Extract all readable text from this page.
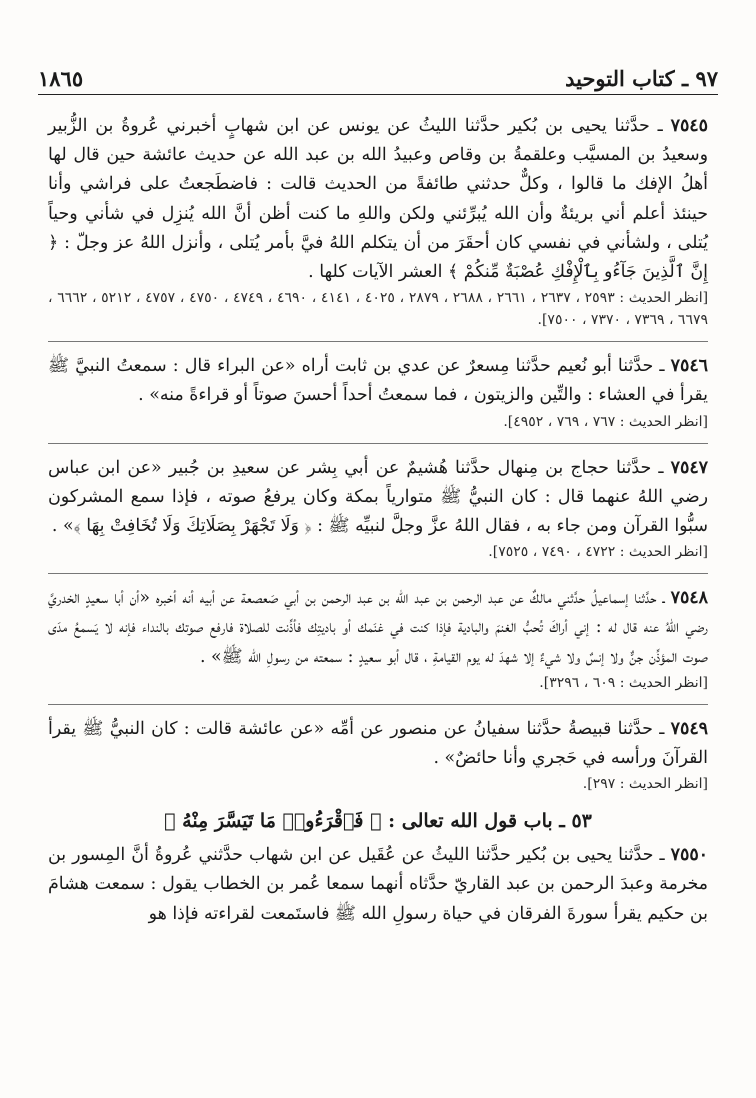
٩٧ ـ كتاب التوحيد
١٨٦٥
٧٥٤٥ ـ حدَّثنا يحيى بن بُكير حدَّثنا الليثُ عن يونس عن ابن شهابٍ أخبرني عُروةُ بن الزُّبير وسعيدُ بن المسيَّب وعلقمةُ بن وقاص وعبيدُ الله بن عبد الله عن حديث عائشة حين قال لها أهلُ الإفك ما قالوا ، وكلٌّ حدثني طائفةً من الحديث قالت : فاضطَجعتُ على فراشي وأنا حينئذ أعلم أني بريئةٌ وأن الله يُبرِّئني ولكن واللهِ ما كنت أظن أنَّ الله يُنزِل في شأني وحياً يُتلى ، ولشأني في نفسي كان أحقَرَ من أن يتكلم اللهُ فيَّ بأمر يُتلى ، وأنزل اللهُ عز وجلّ : ﴿ إِنَّ ٱلَّذِينَ جَآءُو بِٱلْإِفْكِ عُصْبَةٌ مِّنكُمْ ﴾ العشر الآيات كلها .
[انظر الحديث : ٢٥٩٣ ، ٢٦٣٧ ، ٢٦٦١ ، ٢٦٨٨ ، ٢٨٧٩ ، ٤٠٢٥ ، ٤١٤١ ، ٤٦٩٠ ، ٤٧٤٩ ، ٤٧٥٠ ، ٤٧٥٧ ، ٥٢١٢ ، ٦٦٦٢ ، ٦٦٧٩ ، ٧٣٦٩ ، ٧٣٧٠ ، ٧٥٠٠].
٧٥٤٦ ـ حدَّثنا أبو نُعيم حدَّثنا مِسعرٌ عن عدي بن ثابت أراه «عن البراء قال : سمعتُ النبيَّ ﷺ يقرأ في العشاء : والتِّين والزيتون ، فما سمعتُ أحداً أحسنَ صوتاً أو قراءةً منه» .
[انظر الحديث : ٧٦٧ ، ٧٦٩ ، ٤٩٥٢].
٧٥٤٧ ـ حدَّثنا حجاج بن مِنهال حدَّثنا هُشيمٌ عن أبي بِشر عن سعيدِ بن جُبير «عن ابن عباس رضي اللهُ عنهما قال : كان النبيُّ ﷺ متوارياً بمكة وكان يرفعُ صوته ، فإذا سمع المشركون سبُّوا القرآن ومن جاء به ، فقال اللهُ عزَّ وجلَّ لنبيِّه ﷺ : ﴿ وَلَا تَجْهَرْ بِصَلَاتِكَ وَلَا تُخَافِتْ بِهَا ﴾» .
[انظر الحديث : ٤٧٢٢ ، ٧٤٩٠ ، ٧٥٢٥].
٧٥٤٨ ـ حدَّثنا إسماعيلُ حدَّثني مالكٌ عن عبد الرحمن بن عبد الله بن عبد الرحمن بن أبي صَعصعة عن أبيه أنه أخبره «أن أبا سعيدٍ الخدريَّ رضي اللهُ عنه قال له : إني أراكَ تُحبُّ الغنمَ والبادية فإذا كنت في غنَمك أو باديتِك فأذِّنت للصلاة فارفع صوتك بالنداء فإنه لا يَسمعُ مدَى صوت المؤذِّن جنٌّ ولا إنسٌ ولا شيءٌ إلا شهدَ له يوم القيامةِ ، قال أبو سعيدٍ : سمعته من رسولِ الله ﷺ» .
[انظر الحديث : ٦٠٩ ، ٣٢٩٦].
٧٥٤٩ ـ حدَّثنا قبيصةُ حدَّثنا سفيانُ عن منصور عن أمِّه «عن عائشة قالت : كان النبيُّ ﷺ يقرأ القرآنَ ورأسه في حَجري وأنا حائضٌ» .
[انظر الحديث : ٢٩٧].
٥٣ ـ باب قول الله تعالى : ﴿ فَٱقْرَءُوا۟ مَا تَيَسَّرَ مِنْهُ ﴾
٧٥٥٠ ـ حدَّثنا يحيى بن بُكير حدَّثنا الليثُ عن عُقَيل عن ابن شهاب حدَّثني عُروةُ أنَّ المِسور بن مخرمة وعبدَ الرحمن بن عبد القاريّ حدَّثاه أنهما سمعا عُمر بن الخطاب يقول : سمعت هشامَ بن حكيم يقرأ سورةَ الفرقان في حياة رسولِ الله ﷺ فاستَمعت لقراءته فإذا هو
